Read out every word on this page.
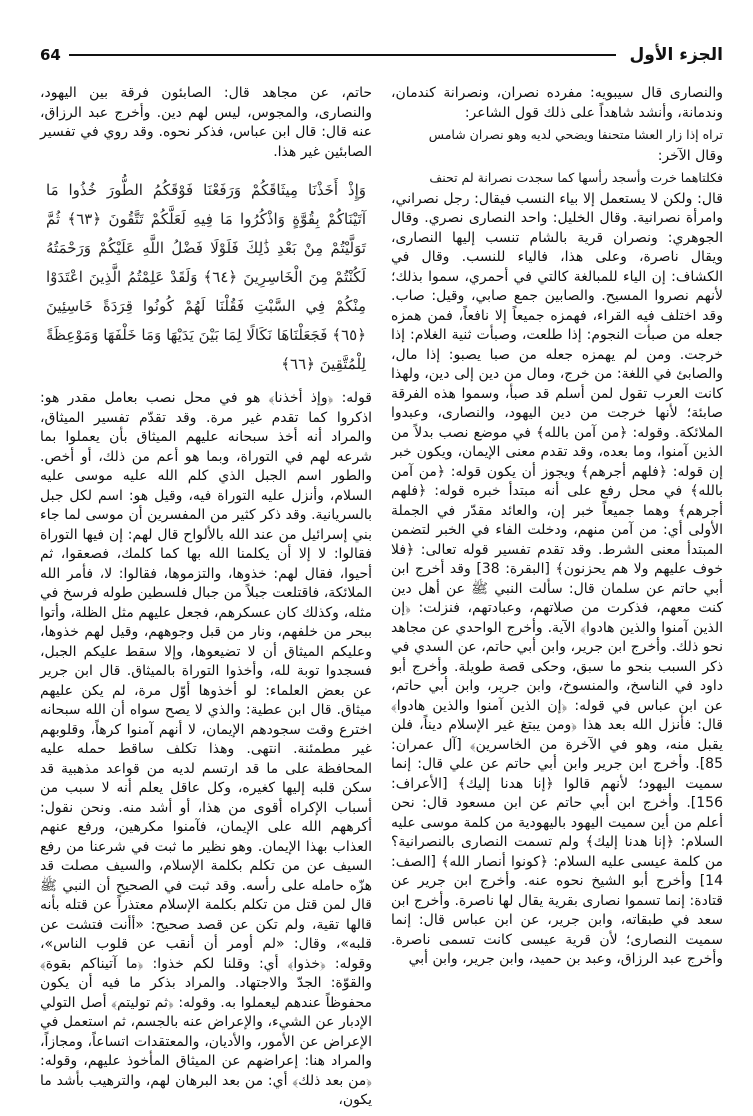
الجزء الأول
64

والنصارى قال سيبويه: مفرده نصران، ونصرانة كندمان، وندمانة، وأنشد شاهداً على ذلك قول الشاعر:

تراه إذا زار العشا متحنفا ويضحي لديه وهو نصران شامس

وقال الآخر:

فكلتاهما خرت وأسجد رأسها كما سجدت نصرانة لم تحنف

قال: ولكن لا يستعمل إلا بياء النسب فيقال: رجل نصراني، وامرأة نصرانية. وقال الخليل: واحد النصارى نصري. وقال الجوهري: ونصران قرية بالشام تنسب إليها النصارى، ويقال ناصرة، وعلى هذا، فالياء للنسب. وقال في الكشاف: إن الياء للمبالغة كالتي في أحمري، سموا بذلك؛ لأنهم نصروا المسيح. والصابين جمع صابي، وقيل: صاب. وقد اختلف فيه القراء، فهمزه جميعاً إلا نافعاً، فمن همزه جعله من صبأت النجوم: إذا طلعت، وصبأت ثنية الغلام: إذا خرجت. ومن لم يهمزه جعله من صبا يصبو: إذا مال، والصابئ في اللغة: من خرج، ومال من دين إلى دين، ولهذا كانت العرب تقول لمن أسلم قد صبأ، وسموا هذه الفرقة صابئة؛ لأنها خرجت من دين اليهود، والنصارى، وعبدوا الملائكة. وقوله: ﴿من آمن بالله﴾ في موضع نصب بدلاً من الذين آمنوا، وما بعده، وقد تقدم معنى الإيمان، ويكون خبر إن قوله: ﴿فلهم أجرهم﴾ ويجوز أن يكون قوله: ﴿من آمن بالله﴾ في محل رفع على أنه مبتدأ خبره قوله: ﴿فلهم أجرهم﴾ وهما جميعاً خبر إن، والعائد مقدّر في الجملة الأولى أي: من آمن منهم، ودخلت الفاء في الخبر لتضمن المبتدأ معنى الشرط. وقد تقدم تفسير قوله تعالى: ﴿فلا خوف عليهم ولا هم يحزنون﴾ [البقرة: 38] وقد أخرج ابن أبي حاتم عن سلمان قال: سألت النبي ﷺ عن أهل دين كنت معهم، فذكرت من صلاتهم، وعبادتهم، فنزلت: ﴿إن الذين آمنوا والذين هادوا﴾ الآية. وأخرج الواحدي عن مجاهد نحو ذلك. وأخرج ابن جرير، وابن أبي حاتم، عن السدي في ذكر السبب بنحو ما سبق، وحكى قصة طويلة. وأخرج أبو داود في الناسخ، والمنسوخ، وابن جرير، وابن أبي حاتم، عن ابن عباس في قوله: ﴿إن الذين آمنوا والذين هادوا﴾ قال: فأنزل الله بعد هذا ﴿ومن يبتغ غير الإسلام ديناً، فلن يقبل منه، وهو في الآخرة من الخاسرين﴾ [آل عمران: 85]. وأخرج ابن جرير وابن أبي حاتم عن علي قال: إنما سميت اليهود؛ لأنهم قالوا ﴿إنا هدنا إليك﴾ [الأعراف: 156]. وأخرج ابن أبي حاتم عن ابن مسعود قال: نحن أعلم من أين سميت اليهود باليهودية من كلمة موسى عليه السلام: ﴿إنا هدنا إليك﴾ ولم تسمت النصارى بالنصرانية؟ من كلمة عيسى عليه السلام: ﴿كونوا أنصار الله﴾ [الصف: 14] وأخرج أبو الشيخ نحوه عنه. وأخرج ابن جرير عن قتادة: إنما تسموا نصارى بقرية يقال لها ناصرة. وأخرج ابن سعد في طبقاته، وابن جرير، عن ابن عباس قال: إنما سميت النصارى؛ لأن قرية عيسى كانت تسمى ناصرة. وأخرج عبد الرزاق، وعبد بن حميد، وابن جرير، وابن أبي

حاتم، عن مجاهد قال: الصابئون فرقة بين اليهود، والنصارى، والمجوس، ليس لهم دين. وأخرج عبد الرزاق، عنه قال: قال ابن عباس، فذكر نحوه. وقد روي في تفسير الصابئين غير هذا.

وَإِذْ أَخَذْنَا مِيثَاقَكُمْ وَرَفَعْنَا فَوْقَكُمُ الطُّورَ خُذُوا مَا آتَيْنَاكُمْ بِقُوَّةٍ وَاذْكُرُوا مَا فِيهِ لَعَلَّكُمْ تَتَّقُونَ ﴿٦٣﴾ ثُمَّ تَوَلَّيْتُمْ مِنْ بَعْدِ ذَٰلِكَ فَلَوْلَا فَضْلُ اللَّهِ عَلَيْكُمْ وَرَحْمَتُهُ لَكُنْتُمْ مِنَ الْخَاسِرِينَ ﴿٦٤﴾ وَلَقَدْ عَلِمْتُمُ الَّذِينَ اعْتَدَوْا مِنْكُمْ فِي السَّبْتِ فَقُلْنَا لَهُمْ كُونُوا قِرَدَةً خَاسِئِينَ ﴿٦٥﴾ فَجَعَلْنَاهَا نَكَالًا لِمَا بَيْنَ يَدَيْهَا وَمَا خَلْفَهَا وَمَوْعِظَةً لِلْمُتَّقِينَ ﴿٦٦﴾

قوله: ﴿وإذ أخذنا﴾ هو في محل نصب بعامل مقدر هو: اذكروا كما تقدم غير مرة. وقد تقدّم تفسير الميثاق، والمراد أنه أخذ سبحانه عليهم الميثاق بأن يعملوا بما شرعه لهم في التوراة، وبما هو أعم من ذلك، أو أخص. والطور اسم الجبل الذي كلم الله عليه موسى عليه السلام، وأنزل عليه التوراة فيه، وقيل هو: اسم لكل جبل بالسريانية. وقد ذكر كثير من المفسرين أن موسى لما جاء بني إسرائيل من عند الله بالألواح قال لهم: إن فيها التوراة فقالوا: لا إلا أن يكلمنا الله بها كما كلمك، فصعقوا، ثم أحيوا، فقال لهم: خذوها، والتزموها، فقالوا: لا، فأمر الله الملائكة، فاقتلعت جبلاً من جبال فلسطين طوله فرسخ في مثله، وكذلك كان عسكرهم، فجعل عليهم مثل الظلة، وأتوا ببحر من خلفهم، ونار من قبل وجوههم، وقيل لهم خذوها، وعليكم الميثاق أن لا تضيعوها، وإلا سقط عليكم الجبل، فسجدوا توبة لله، وأخذوا التوراة بالميثاق. قال ابن جرير عن بعض العلماء: لو أخذوها أوّل مرة، لم يكن عليهم ميثاق. قال ابن عطية: والذي لا يصح سواه أن الله سبحانه اخترع وقت سجودهم الإيمان، لا أنهم آمنوا كرهاً، وقلوبهم غير مطمئنة. انتهى. وهذا تكلف ساقط حمله عليه المحافظة على ما قد ارتسم لديه من قواعد مذهبية قد سكن قلبه إليها كغيره، وكل عاقل يعلم أنه لا سبب من أسباب الإكراه أقوى من هذا، أو أشد منه. ونحن نقول: أكرههم الله على الإيمان، فآمنوا مكرهين، ورفع عنهم العذاب بهذا الإيمان. وهو نظير ما ثبت في شرعنا من رفع السيف عن من تكلم بكلمة الإسلام، والسيف مصلت قد هزّه حامله على رأسه. وقد ثبت في الصحيح أن النبي ﷺ قال لمن قتل من تكلم بكلمة الإسلام معتذراً عن قتله بأنه قالها تقية، ولم تكن عن قصد صحيح: «أأنت فتشت عن قلبه»، وقال: «لم أومر أن أنقب عن قلوب الناس»، وقوله: ﴿خذوا﴾ أي: وقلنا لكم خذوا: ﴿ما آتيناكم بقوة﴾ والقوّة: الجدّ والاجتهاد. والمراد بذكر ما فيه أن يكون محفوظاً عندهم ليعملوا به. وقوله: ﴿ثم توليتم﴾ أصل التولي الإدبار عن الشيء، والإعراض عنه بالجسم، ثم استعمل في الإعراض عن الأمور، والأديان، والمعتقدات اتساعاً، ومجازاً، والمراد هنا: إعراضهم عن الميثاق المأخوذ عليهم، وقوله: ﴿من بعد ذلك﴾ أي: من بعد البرهان لهم، والترهيب بأشد ما يكون،
